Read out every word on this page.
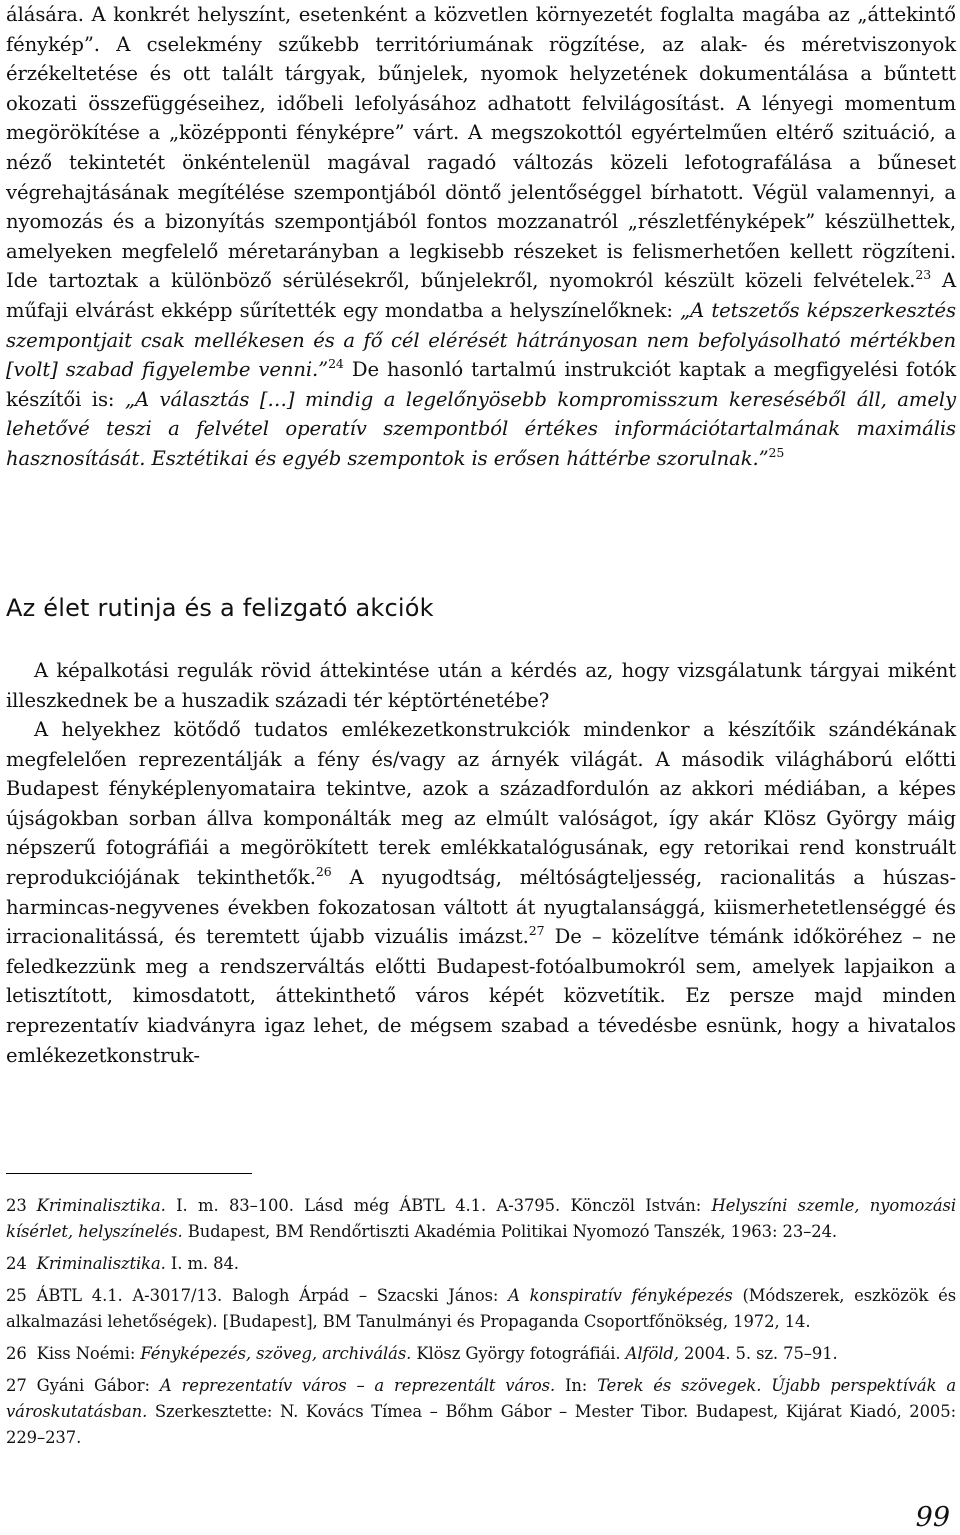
álására. A konkrét helyszínt, esetenként a közvetlen környezetét foglalta magába az „áttekintő fénykép”. A cselekmény szűkebb territóriumának rögzítése, az alak- és méretviszonyok érzékeltetése és ott talált tárgyak, bűnjelek, nyomok helyzetének dokumentálása a bűntett okozati összefüggéseihez, időbeli lefolyásához adhatott felvilágosítást. A lényegi momentum megörökítése a „középponti fényképre” várt. A megszokottól egyértelműen eltérő szituáció, a néző tekintetét önkéntelenül magával ragadó változás közeli lefotografálása a bűneset végrehajtásának megítélése szempontjából döntő jelentőséggel bírhatott. Végül valamennyi, a nyomozás és a bizonyítás szempontjából fontos mozzanatról „részletfényképek” készülhettek, amelyeken megfelelő méretarányban a legkisebb részeket is felismerhetően kellett rögzíteni. Ide tartoztak a különböző sérülésekről, bűnjelekről, nyomokról készült közeli felvételek.$^{23}$ A műfaji elvárást ekképp sűrítették egy mondatba a helyszínelőknek: „A tetszetős képszerkesztés szempontjait csak mellékesen és a fő cél elérését hátrányosan nem befolyásolható mértékben [volt] szabad figyelembe venni.”$^{24}$ De hasonló tartalmú instrukciót kaptak a megfigyelési fotók készítői is: „A választás […] mindig a legelőnyösebb kompromisszum kereséséből áll, amely lehetővé teszi a felvétel operatív szempontból értékes információtartalmának maximális hasznosítását. Esztétikai és egyéb szempontok is erősen háttérbe szorulnak.”$^{25}$

Az élet rutinja és a felizgató akciók

A képalkotási regulák rövid áttekintése után a kérdés az, hogy vizsgálatunk tárgyai miként illeszkednek be a huszadik századi tér képtörténetébe?

A helyekhez kötődő tudatos emlékezetkonstrukciók mindenkor a készítőik szándékának megfelelően reprezentálják a fény és/vagy az árnyék világát. A második világháború előtti Budapest fényképlenyomataira tekintve, azok a századfordulón az akkori médiában, a képes újságokban sorban állva komponálták meg az elmúlt valóságot, így akár Klösz György máig népszerű fotográfiái a megörökített terek emlékkatalógusának, egy retorikai rend konstruált reprodukciójának tekinthetők.$^{26}$ A nyugodtság, méltóságteljesség, racionalitás a húszas-harmincas-negyvenes években fokozatosan váltott át nyugtalansággá, kiismerhetetlenséggé és irracionalitássá, és teremtett újabb vizuális imázst.$^{27}$ De – közelítve témánk időköréhez – ne feledkezzünk meg a rendszerváltás előtti Budapest-fotóalbumokról sem, amelyek lapjaikon a letisztított, kimosdatott, áttekinthető város képét közvetítik. Ez persze majd minden reprezentatív kiadványra igaz lehet, de mégsem szabad a tévedésbe esnünk, hogy a hivatalos emlékezetkonstruk-

23 Kriminalisztika. I. m. 83–100. Lásd még ÁBTL 4.1. A-3795. Könczöl István: Helyszíni szemle, nyomozási kísérlet, helyszínelés. Budapest, BM Rendőrtiszti Akadémia Politikai Nyomozó Tanszék, 1963: 23–24.

24 Kriminalisztika. I. m. 84.

25 ÁBTL 4.1. A-3017/13. Balogh Árpád – Szacski János: A konspiratív fényképezés (Módszerek, eszközök és alkalmazási lehetőségek). [Budapest], BM Tanulmányi és Propaganda Csoportfőnökség, 1972, 14.

26 Kiss Noémi: Fényképezés, szöveg, archiválás. Klösz György fotográfiái. Alföld, 2004. 5. sz. 75–91.

27 Gyáni Gábor: A reprezentatív város – a reprezentált város. In: Terek és szövegek. Újabb perspektívák a városkutatásban. Szerkesztette: N. Kovács Tímea – Bőhm Gábor – Mester Tibor. Budapest, Kijárat Kiadó, 2005: 229–237.

99
